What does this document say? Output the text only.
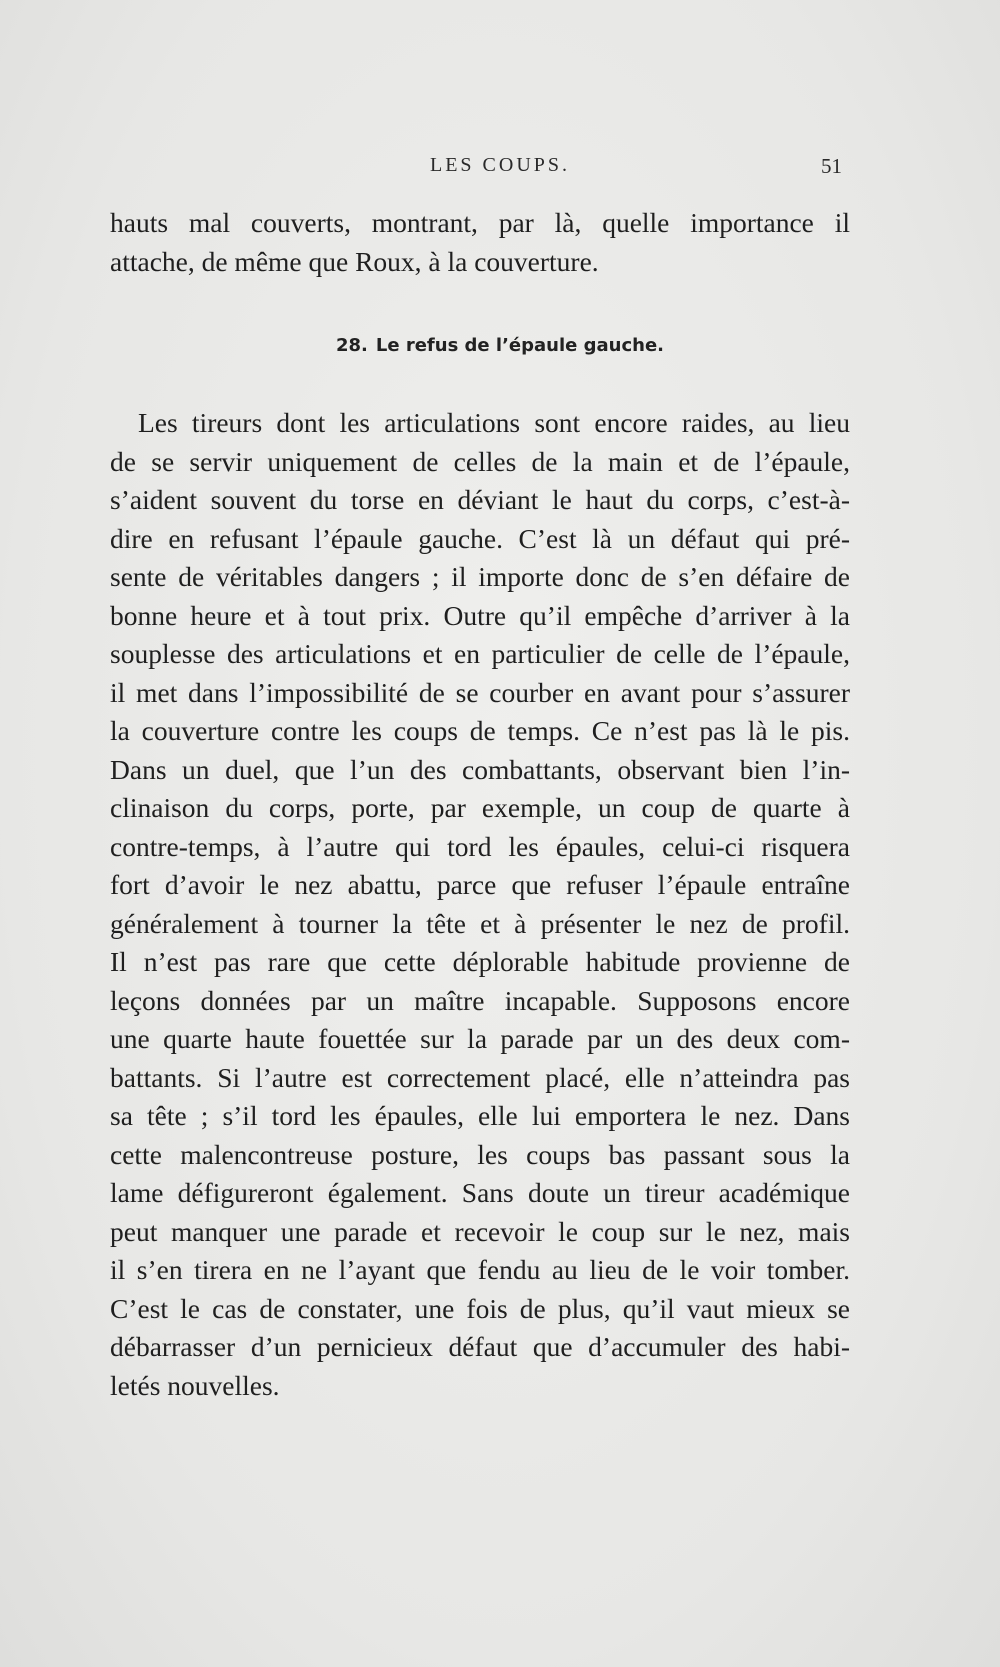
LES COUPS.	51
hauts mal couverts, montrant, par là, quelle importance il
attache, de même que Roux, à la couverture.
28. Le refus de l’épaule gauche.
Les tireurs dont les articulations sont encore raides, au lieu
de se servir uniquement de celles de la main et de l’épaule,
s’aident souvent du torse en déviant le haut du corps, c’est-à-
dire en refusant l’épaule gauche. C’est là un défaut qui pré-
sente de véritables dangers ; il importe donc de s’en défaire de
bonne heure et à tout prix. Outre qu’il empêche d’arriver à la
souplesse des articulations et en particulier de celle de l’épaule,
il met dans l’impossibilité de se courber en avant pour s’assurer
la couverture contre les coups de temps. Ce n’est pas là le pis.
Dans un duel, que l’un des combattants, observant bien l’in-
clinaison du corps, porte, par exemple, un coup de quarte à
contre-temps, à l’autre qui tord les épaules, celui-ci risquera
fort d’avoir le nez abattu, parce que refuser l’épaule entraîne
généralement à tourner la tête et à présenter le nez de profil.
Il n’est pas rare que cette déplorable habitude provienne de
leçons données par un maître incapable. Supposons encore
une quarte haute fouettée sur la parade par un des deux com-
battants. Si l’autre est correctement placé, elle n’atteindra pas
sa tête ; s’il tord les épaules, elle lui emportera le nez. Dans
cette malencontreuse posture, les coups bas passant sous la
lame défigureront également. Sans doute un tireur académique
peut manquer une parade et recevoir le coup sur le nez, mais
il s’en tirera en ne l’ayant que fendu au lieu de le voir tomber.
C’est le cas de constater, une fois de plus, qu’il vaut mieux se
débarrasser d’un pernicieux défaut que d’accumuler des habi-
letés nouvelles.
